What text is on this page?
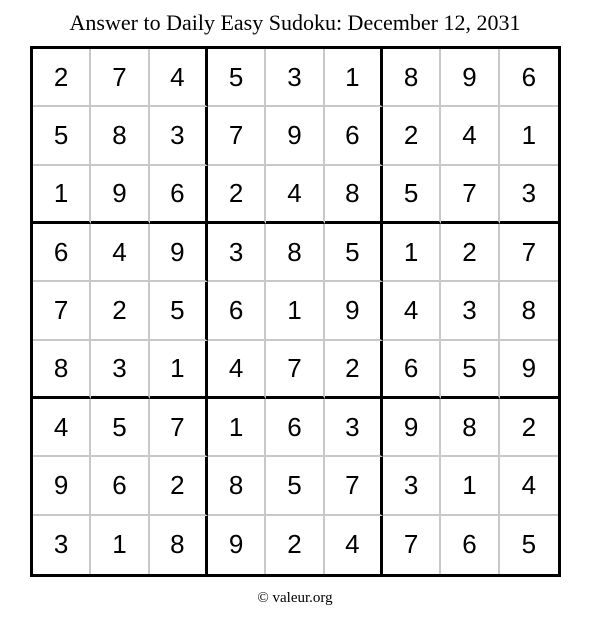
Answer to Daily Easy Sudoku: December 12, 2031
2	7	4	5	3	1	8	9	6
5	8	3	7	9	6	2	4	1
1	9	6	2	4	8	5	7	3
6	4	9	3	8	5	1	2	7
7	2	5	6	1	9	4	3	8
8	3	1	4	7	2	6	5	9
4	5	7	1	6	3	9	8	2
9	6	2	8	5	7	3	1	4
3	1	8	9	2	4	7	6	5
© valeur.org
